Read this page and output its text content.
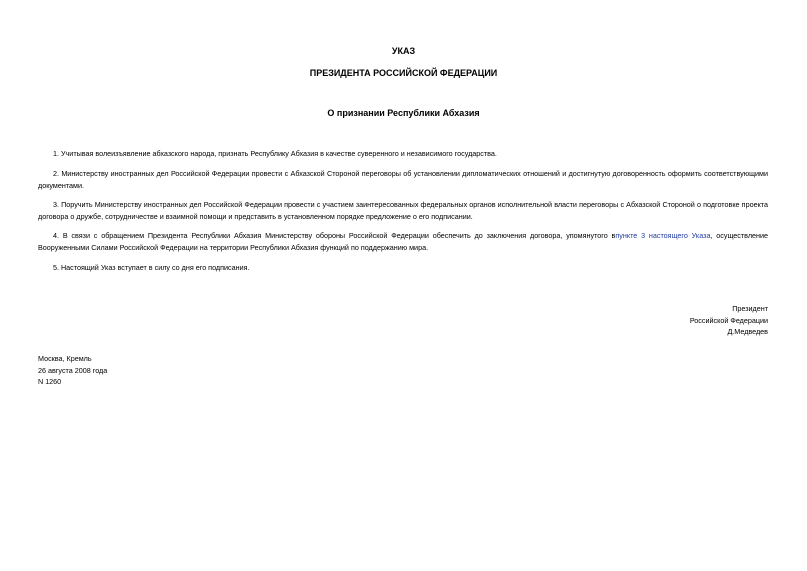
УКАЗ
ПРЕЗИДЕНТА РОССИЙСКОЙ ФЕДЕРАЦИИ
О признании Республики Абхазия
1. Учитывая волеизъявление абхазского народа, признать Республику Абхазия в качестве суверенного и независимого государства.
2. Министерству иностранных дел Российской Федерации провести с Абхазской Стороной переговоры об установлении дипломатических отношений и достигнутую договоренность оформить соответствующими документами.
3. Поручить Министерству иностранных дел Российской Федерации провести с участием заинтересованных федеральных органов исполнительной власти переговоры с Абхазской Стороной о подготовке проекта договора о дружбе, сотрудничестве и взаимной помощи и представить в установленном порядке предложение о его подписании.
4. В связи с обращением Президента Республики Абхазия Министерству обороны Российской Федерации обеспечить до заключения договора, упомянутого впункте 3 настоящего Указа, осуществление Вооруженными Силами Российской Федерации на территории Республики Абхазия функций по поддержанию мира.
5. Настоящий Указ вступает в силу со дня его подписания.
Президент
Российской Федерации
Д.Медведев
Москва, Кремль
26 августа 2008 года
N 1260
